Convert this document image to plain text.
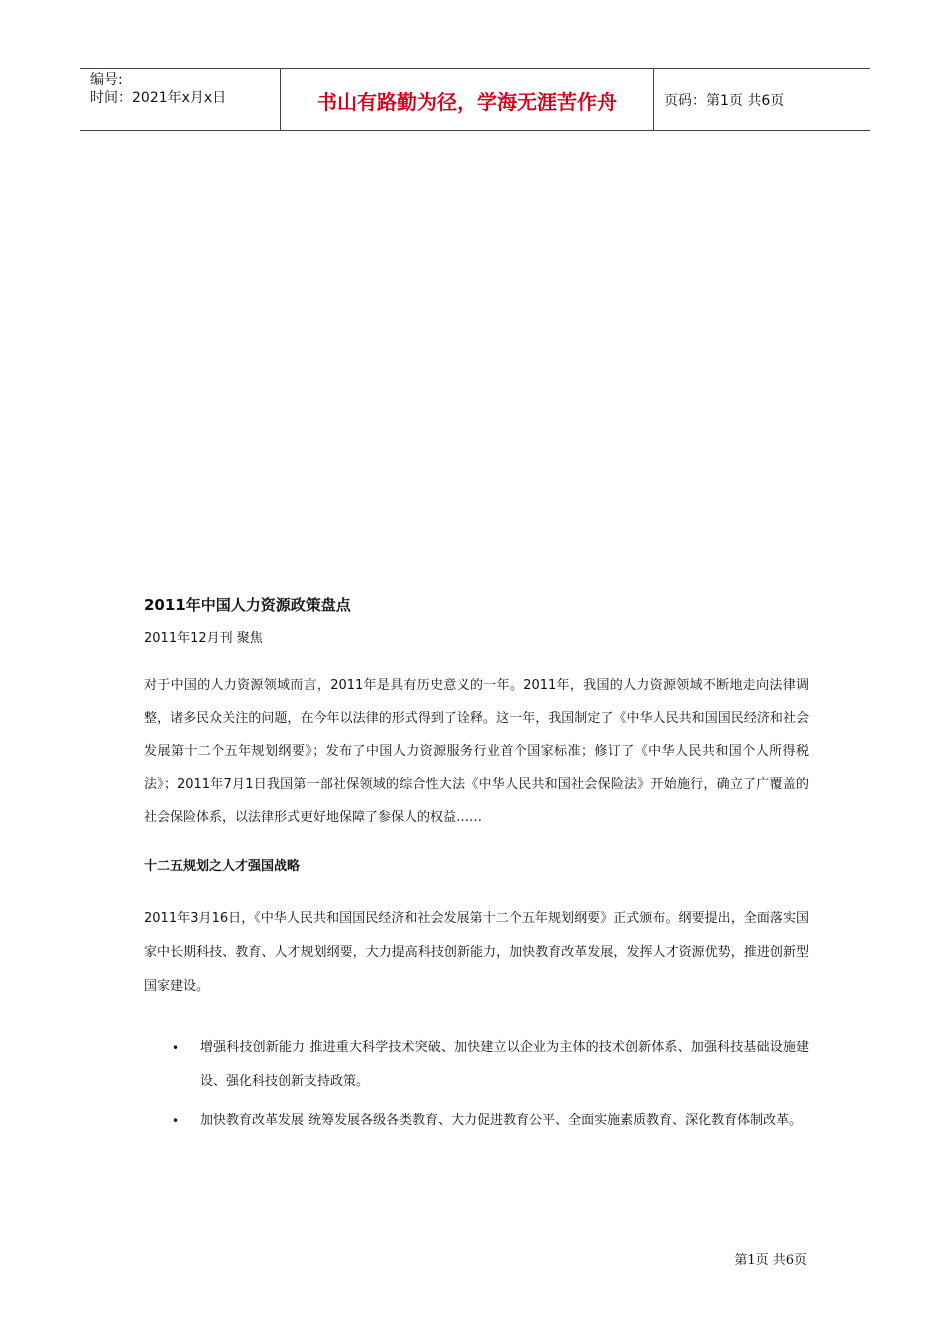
编号:
时间：2021年x月x日	书山有路勤为径，学海无涯苦作舟	页码：第1页 共6页
2011年中国人力资源政策盘点
2011年12月刊 聚焦
对于中国的人力资源领域而言，2011年是具有历史意义的一年。2011年，我国的人力资源领域不断地走向法律调整，诸多民众关注的问题，在今年以法律的形式得到了诠释。这一年，我国制定了《中华人民共和国国民经济和社会发展第十二个五年规划纲要》；发布了中国人力资源服务行业首个国家标准；修订了《中华人民共和国个人所得税法》；2011年7月1日我国第一部社保领域的综合性大法《中华人民共和国社会保险法》开始施行，确立了广覆盖的社会保险体系，以法律形式更好地保障了参保人的权益……
十二五规划之人才强国战略
2011年3月16日，《中华人民共和国国民经济和社会发展第十二个五年规划纲要》正式颁布。纲要提出，全面落实国家中长期科技、教育、人才规划纲要，大力提高科技创新能力，加快教育改革发展，发挥人才资源优势，推进创新型国家建设。
• 增强科技创新能力 推进重大科学技术突破、加快建立以企业为主体的技术创新体系、加强科技基础设施建设、强化科技创新支持政策。
• 加快教育改革发展 统筹发展各级各类教育、大力促进教育公平、全面实施素质教育、深化教育体制改革。
第1页 共6页
